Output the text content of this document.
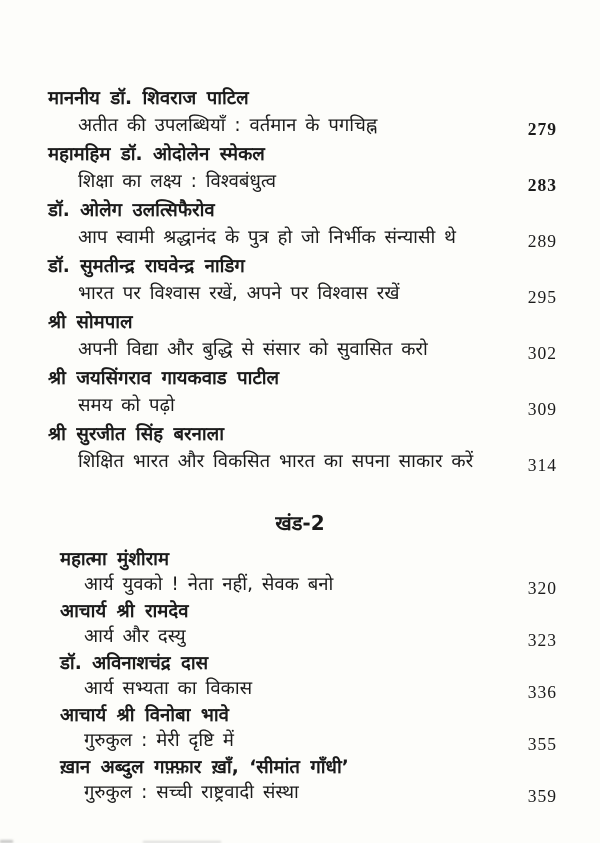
माननीय डॉ. शिवराज पाटिल
अतीत की उपलब्धियाँ : वर्तमान के पगचिह्न	279
महामहिम डॉ. ओदोलेन स्मेकल
शिक्षा का लक्ष्य : विश्वबंधुत्व	283
डॉ. ओलेग उलत्सिफैरोव
आप स्वामी श्रद्धानंद के पुत्र हो जो निर्भीक संन्यासी थे	289
डॉ. सुमतीन्द्र राघवेन्द्र नाडिग
भारत पर विश्वास रखें, अपने पर विश्वास रखें	295
श्री सोमपाल
अपनी विद्या और बुद्धि से संसार को सुवासित करो	302
श्री जयसिंगराव गायकवाड पाटील
समय को पढ़ो	309
श्री सुरजीत सिंह बरनाला
शिक्षित भारत और विकसित भारत का सपना साकार करें	314
खंड-2
महात्मा मुंशीराम
आर्य युवको ! नेता नहीं, सेवक बनो	320
आचार्य श्री रामदेव
आर्य और दस्यु	323
डॉ. अविनाशचंद्र दास
आर्य सभ्यता का विकास	336
आचार्य श्री विनोबा भावे
गुरुकुल : मेरी दृष्टि में	355
ख़ान अब्दुल गफ़्फ़ार ख़ाँ, ‘सीमांत गाँधी’
गुरुकुल : सच्ची राष्ट्रवादी संस्था	359
